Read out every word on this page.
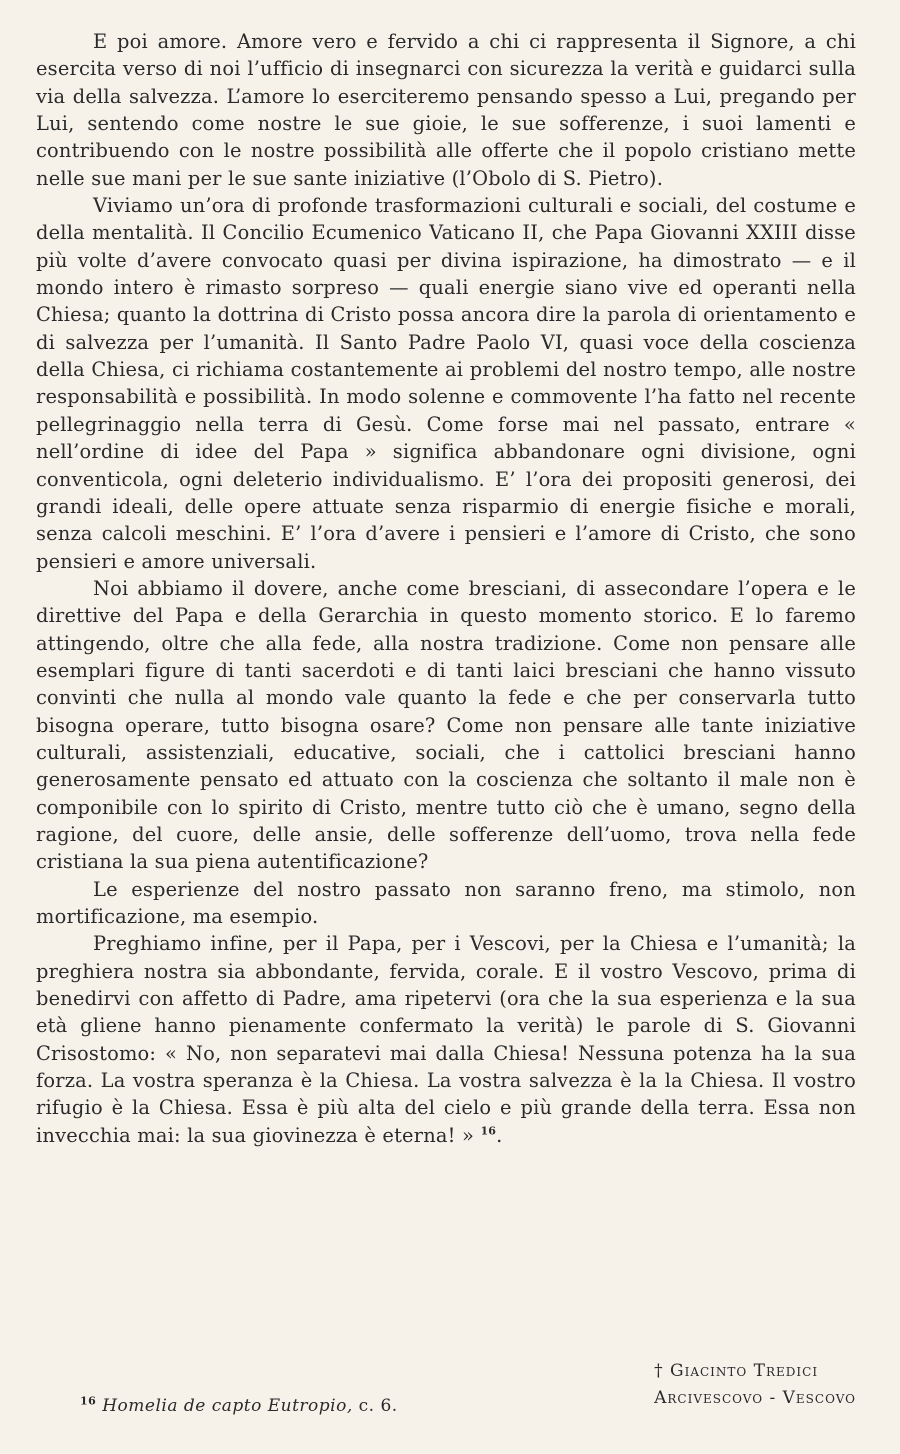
E poi amore. Amore vero e fervido a chi ci rappresenta il Signore, a chi esercita verso di noi l’ufficio di insegnarci con sicurezza la verità e guidarci sulla via della salvezza. L’amore lo eserciteremo pensando spesso a Lui, pregando per Lui, sentendo come nostre le sue gioie, le sue sofferenze, i suoi lamenti e contribuendo con le nostre possibilità alle offerte che il popolo cristiano mette nelle sue mani per le sue sante iniziative (l’Obolo di S. Pietro).

Viviamo un’ora di profonde trasformazioni culturali e sociali, del costume e della mentalità. Il Concilio Ecumenico Vaticano II, che Papa Giovanni XXIII disse più volte d’avere convocato quasi per divina ispirazione, ha dimostrato — e il mondo intero è rimasto sorpreso — quali energie siano vive ed operanti nella Chiesa; quanto la dottrina di Cristo possa ancora dire la parola di orientamento e di salvezza per l’umanità. Il Santo Padre Paolo VI, quasi voce della coscienza della Chiesa, ci richiama costantemente ai problemi del nostro tempo, alle nostre responsabilità e possibilità. In modo solenne e commovente l’ha fatto nel recente pellegrinaggio nella terra di Gesù. Come forse mai nel passato, entrare « nell’ordine di idee del Papa » significa abbandonare ogni divisione, ogni conventicola, ogni deleterio individualismo. E’ l’ora dei propositi generosi, dei grandi ideali, delle opere attuate senza risparmio di energie fisiche e morali, senza calcoli meschini. E’ l’ora d’avere i pensieri e l’amore di Cristo, che sono pensieri e amore universali.

Noi abbiamo il dovere, anche come bresciani, di assecondare l’opera e le direttive del Papa e della Gerarchia in questo momento storico. E lo faremo attingendo, oltre che alla fede, alla nostra tradizione. Come non pensare alle esemplari figure di tanti sacerdoti e di tanti laici bresciani che hanno vissuto convinti che nulla al mondo vale quanto la fede e che per conservarla tutto bisogna operare, tutto bisogna osare? Come non pensare alle tante iniziative culturali, assistenziali, educative, sociali, che i cattolici bresciani hanno generosamente pensato ed attuato con la coscienza che soltanto il male non è componibile con lo spirito di Cristo, mentre tutto ciò che è umano, segno della ragione, del cuore, delle ansie, delle sofferenze dell’uomo, trova nella fede cristiana la sua piena autentificazione?

Le esperienze del nostro passato non saranno freno, ma stimolo, non mortificazione, ma esempio.

Preghiamo infine, per il Papa, per i Vescovi, per la Chiesa e l’umanità; la preghiera nostra sia abbondante, fervida, corale. E il vostro Vescovo, prima di benedirvi con affetto di Padre, ama ripetervi (ora che la sua esperienza e la sua età gliene hanno pienamente confermato la verità) le parole di S. Giovanni Crisostomo: « No, non separatevi mai dalla Chiesa! Nessuna potenza ha la sua forza. La vostra speranza è la Chiesa. La vostra salvezza è la la Chiesa. Il vostro rifugio è la Chiesa. Essa è più alta del cielo e più grande della terra. Essa non invecchia mai: la sua giovinezza è eterna! » $^{16}$.

† Giacinto Tredici
Arcivescovo - Vescovo
$^{16}$ Homelia de capto Eutropio, c. 6.
